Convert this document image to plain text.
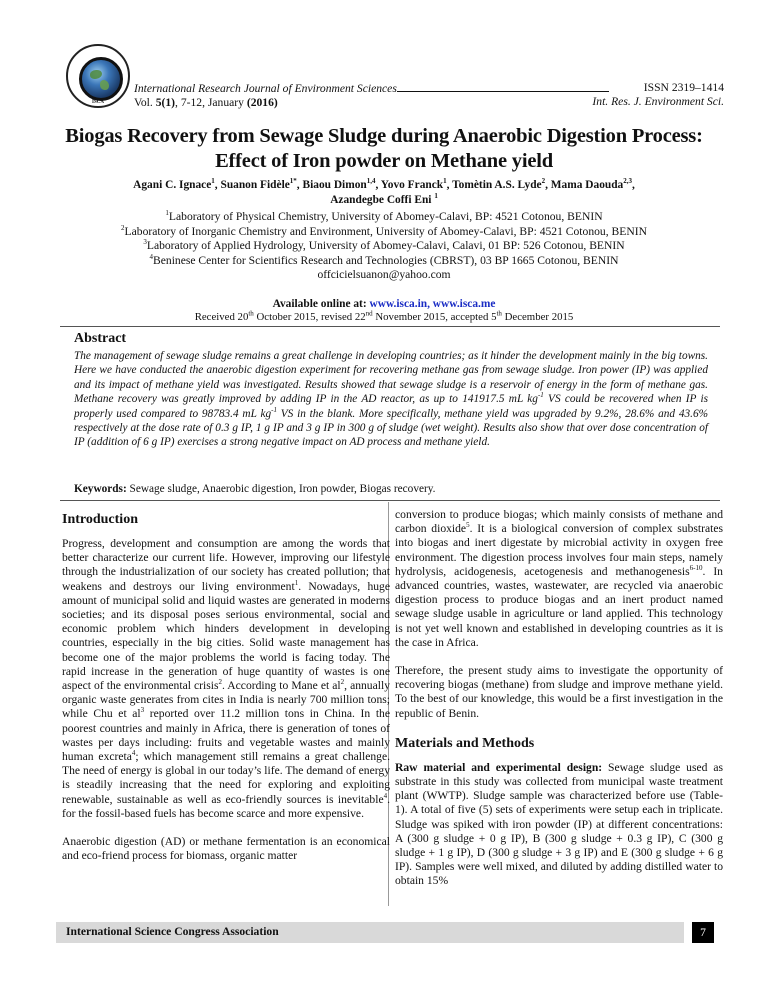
ISCA
International Research Journal of Environment Sciences
Vol. 5(1), 7-12, January (2016)
ISSN 2319–1414
Int. Res. J. Environment Sci.
Biogas Recovery from Sewage Sludge during Anaerobic Digestion Process:
Effect of Iron powder on Methane yield
Agani C. Ignace$^1$, Suanon Fidèle$^{1*}$, Biaou Dimon$^{1,4}$, Yovo Franck$^1$, Tomètin A.S. Lyde$^2$, Mama Daouda$^{2,3}$,
Azandegbe Coffi Eni $^1$
$^1$Laboratory of Physical Chemistry, University of Abomey-Calavi, BP: 4521 Cotonou, BENIN
$^2$Laboratory of Inorganic Chemistry and Environment, University of Abomey-Calavi, BP: 4521 Cotonou, BENIN
$^3$Laboratory of Applied Hydrology, University of Abomey-Calavi, Calavi, 01 BP: 526 Cotonou, BENIN
$^4$Beninese Center for Scientifics Research and Technologies (CBRST), 03 BP 1665 Cotonou, BENIN
offcicielsuanon@yahoo.com
Available online at: www.isca.in, www.isca.me
Received 20th October 2015, revised 22nd November 2015, accepted 5th December 2015
Abstract
The management of sewage sludge remains a great challenge in developing countries; as it hinder the development mainly in the big towns. Here we have conducted the anaerobic digestion experiment for recovering methane gas from sewage sludge. Iron power (IP) was applied and its impact of methane yield was investigated. Results showed that sewage sludge is a reservoir of energy in the form of methane gas. Methane recovery was greatly improved by adding IP in the AD reactor, as up to 141917.5 mL $kg^{-1}$ VS could be recovered when IP is properly used compared to 98783.4 mL $kg^{-1}$ VS in the blank. More specifically, methane yield was upgraded by 9.2%, 28.6% and 43.6% respectively at the dose rate of 0.3 g IP, 1 g IP and 3 g IP in 300 g of sludge (wet weight). Results also show that over dose concentration of IP (addition of 6 g IP) exercises a strong negative impact on AD process and methane yield.
Keywords: Sewage sludge, Anaerobic digestion, Iron powder, Biogas recovery.
Introduction

Progress, development and consumption are among the words that better characterize our current life. However, improving our lifestyle through the industrialization of our society has created pollution; that weakens and destroys our living environment$^1$. Nowadays, huge amount of municipal solid and liquid wastes are generated in moderns societies; and its disposal poses serious environmental, social and economic problem which hinders development in developing countries, especially in the big cities. Solid waste management has become one of the major problems the world is facing today. The rapid increase in the generation of huge quantity of wastes is one aspect of the environmental crisis$^2$. According to Mane et $al^2$, annually organic waste generates from cites in India is nearly 700 million tons; while Chu et $al^3$ reported over 11.2 million tons in China. In the poorest countries and mainly in Africa, there is generation of tones of wastes per days including: fruits and vegetable wastes and mainly human excreta$^4$; which management still remains a great challenge. The need of energy is global in our today’s life. The demand of energy is steadily increasing that the need for exploring and exploiting renewable, sustainable as well as eco-friendly sources is inevitable$^4$. for the fossil-based fuels has become scarce and more expensive.

Anaerobic digestion (AD) or methane fermentation is an economical and eco-friend process for biomass, organic matter

conversion to produce biogas; which mainly consists of methane and carbon dioxide$^5$. It is a biological conversion of complex substrates into biogas and inert digestate by microbial activity in oxygen free environment. The digestion process involves four main steps, namely hydrolysis, acidogenesis, acetogenesis and methanogenesis$^{6-10}$. In advanced countries, wastes, wastewater, are recycled via anaerobic digestion process to produce biogas and an inert product named sewage sludge usable in agriculture or land applied. This technology is not yet well known and established in developing countries as it is the case in Africa.

Therefore, the present study aims to investigate the opportunity of recovering biogas (methane) from sludge and improve methane yield. To the best of our knowledge, this would be a first investigation in the republic of Benin.

Materials and Methods

Raw material and experimental design: Sewage sludge used as substrate in this study was collected from municipal waste treatment plant (WWTP). Sludge sample was characterized before use (Table-1). A total of five (5) sets of experiments were setup each in triplicate. Sludge was spiked with iron powder (IP) at different concentrations: A (300 g sludge + 0 g IP), B (300 g sludge + 0.3 g IP), C (300 g sludge + 1 g IP), D (300 g sludge + 3 g IP) and E (300 g sludge + 6 g IP). Samples were well mixed, and diluted by adding distilled water to obtain 15%

International Science Congress Association	7
